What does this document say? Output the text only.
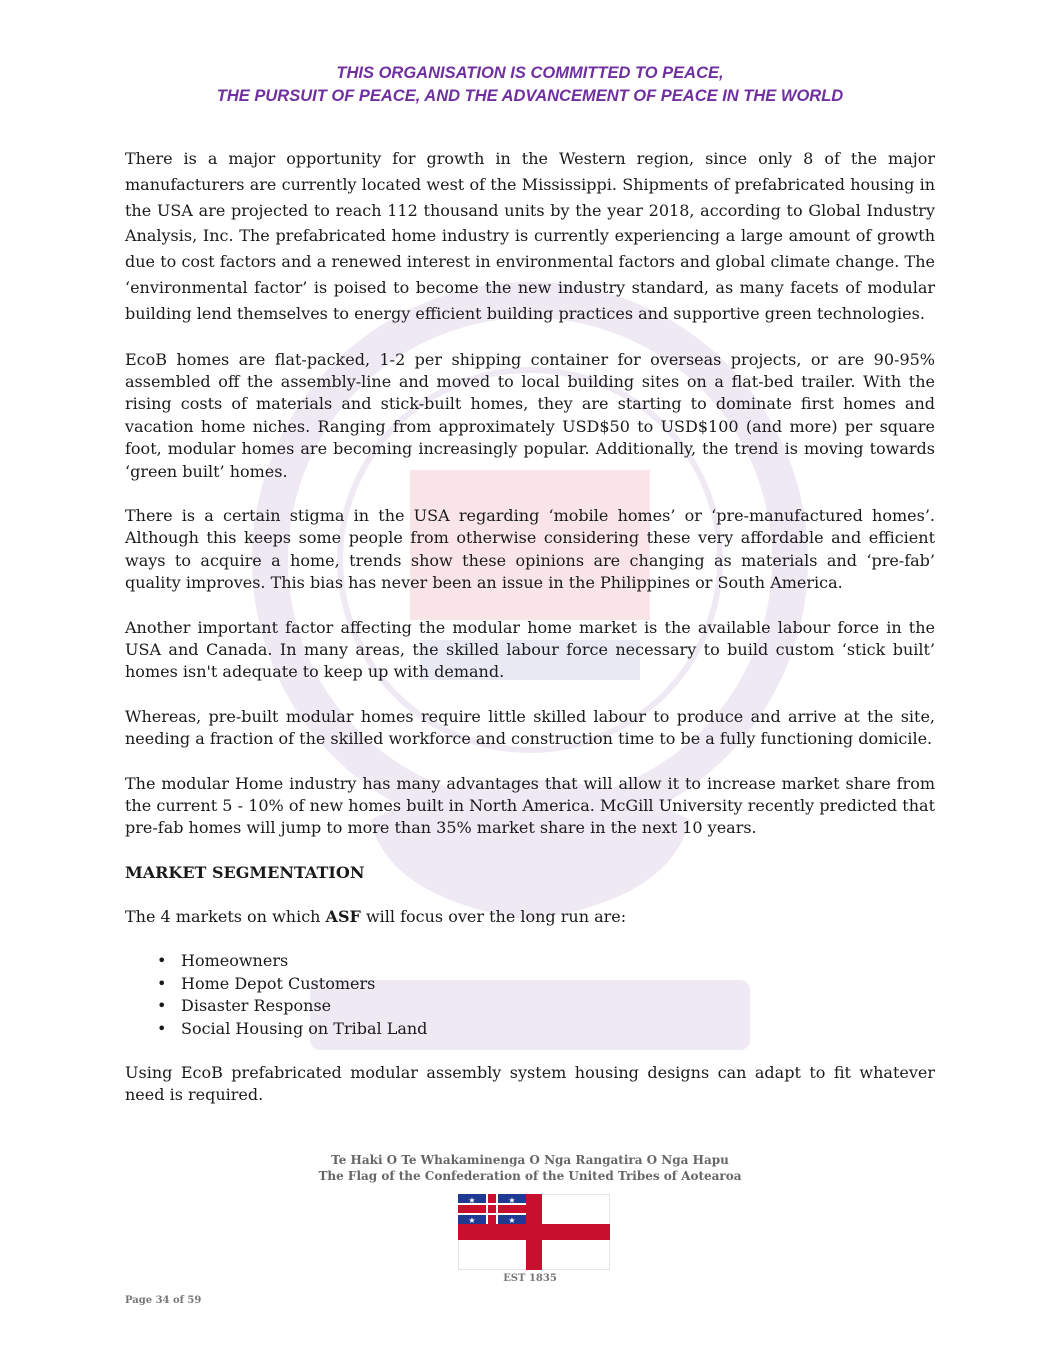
THIS ORGANISATION IS COMMITTED TO PEACE,
THE PURSUIT OF PEACE, AND THE ADVANCEMENT OF PEACE IN THE WORLD

There is a major opportunity for growth in the Western region, since only 8 of the major manufacturers are currently located west of the Mississippi. Shipments of prefabricated housing in the USA are projected to reach 112 thousand units by the year 2018, according to Global Industry Analysis, Inc. The prefabricated home industry is currently experiencing a large amount of growth due to cost factors and a renewed interest in environmental factors and global climate change. The ‘environmental factor’ is poised to become the new industry standard, as many facets of modular building lend themselves to energy efficient building practices and supportive green technologies.

EcoB homes are flat-packed, 1-2 per shipping container for overseas projects, or are 90-95% assembled off the assembly-line and moved to local building sites on a flat-bed trailer. With the rising costs of materials and stick-built homes, they are starting to dominate first homes and vacation home niches. Ranging from approximately USD$50 to USD$100 (and more) per square foot, modular homes are becoming increasingly popular. Additionally, the trend is moving towards ‘green built’ homes.

There is a certain stigma in the USA regarding ‘mobile homes’ or ‘pre-manufactured homes’. Although this keeps some people from otherwise considering these very affordable and efficient ways to acquire a home, trends show these opinions are changing as materials and ‘pre-fab’ quality improves. This bias has never been an issue in the Philippines or South America.

Another important factor affecting the modular home market is the available labour force in the USA and Canada. In many areas, the skilled labour force necessary to build custom ‘stick built’ homes isn't adequate to keep up with demand.

Whereas, pre-built modular homes require little skilled labour to produce and arrive at the site, needing a fraction of the skilled workforce and construction time to be a fully functioning domicile.

The modular Home industry has many advantages that will allow it to increase market share from the current 5 - 10% of new homes built in North America. McGill University recently predicted that pre-fab homes will jump to more than 35% market share in the next 10 years.

MARKET SEGMENTATION

The 4 markets on which ASF will focus over the long run are:

• Homeowners
• Home Depot Customers
• Disaster Response
• Social Housing on Tribal Land

Using EcoB prefabricated modular assembly system housing designs can adapt to fit whatever need is required.

Te Haki O Te Whakaminenga O Nga Rangatira O Nga Hapu
The Flag of the Confederation of the United Tribes of Aotearoa
★	★
★	★
EST 1835
Page 34 of 59
